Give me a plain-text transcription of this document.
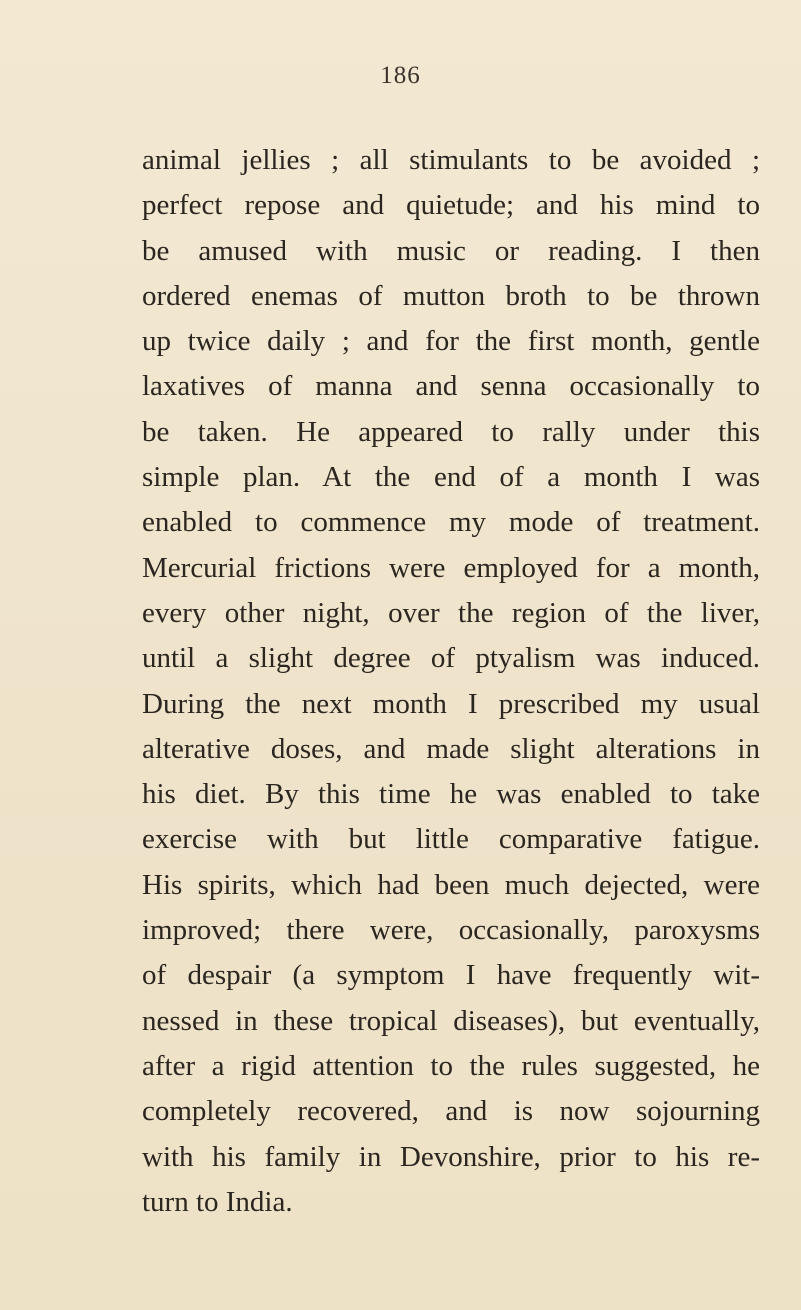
186
animal jellies ; all stimulants to be avoided ;
perfect repose and quietude; and his mind to
be amused with music or reading. I then
ordered enemas of mutton broth to be thrown
up twice daily ; and for the first month, gentle
laxatives of manna and senna occasionally to
be taken. He appeared to rally under this
simple plan. At the end of a month I was
enabled to commence my mode of treatment.
Mercurial frictions were employed for a month,
every other night, over the region of the liver,
until a slight degree of ptyalism was induced.
During the next month I prescribed my usual
alterative doses, and made slight alterations in
his diet. By this time he was enabled to take
exercise with but little comparative fatigue.
His spirits, which had been much dejected, were
improved; there were, occasionally, paroxysms
of despair (a symptom I have frequently wit-
nessed in these tropical diseases), but eventually,
after a rigid attention to the rules suggested, he
completely recovered, and is now sojourning
with his family in Devonshire, prior to his re-
turn to India.
